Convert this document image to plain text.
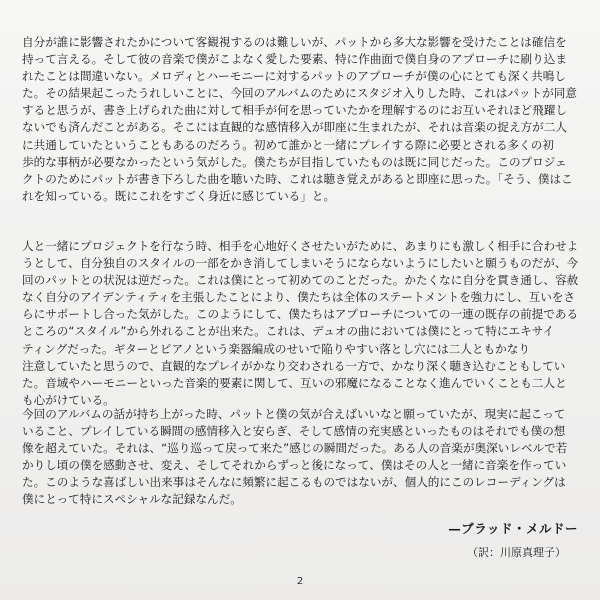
自分が誰に影響されたかについて客観視するのは難しいが、パットから多大な影響を受けたことは確信を
持って言える。そして彼の音楽で僕がこよなく愛した要素、特に作曲面で僕自身のアプローチに刷り込ま
れたことは間違いない。メロディとハーモニーに対するパットのアプローチが僕の心にとても深く共鳴し
た。その結果起こったうれしいことに、今回のアルバムのためにスタジオ入りした時、これはパットが同意
すると思うが、書き上げられた曲に対して相手が何を思っていたかを理解するのにお互いそれほど飛躍し
ないでも済んだことがある。そこには直観的な感情移入が即座に生まれたが、それは音楽の捉え方が二人
に共通していたということもあるのだろう。初めて誰かと一緒にプレイする際に必要とされる多くの初
歩的な事柄が必要なかったという気がした。僕たちが目指していたものは既に同じだった。このプロジェ
クトのためにパットが書き下ろした曲を聴いた時、これは聴き覚えがあると即座に思った。「そう、僕はこ
れを知っている。既にこれをすごく身近に感じている」と。
人と一緒にプロジェクトを行なう時、相手を心地好くさせたいがために、あまりにも激しく相手に合わせよ
うとして、自分独自のスタイルの一部をかき消してしまいそうにならないようにしたいと願うものだが、今
回のパットとの状況は逆だった。これは僕にとって初めてのことだった。かたくなに自分を貫き通し、容赦
なく自分のアイデンティティを主張したことにより、僕たちは全体のステートメントを強力にし、互いをさ
らにサポートし合った気がした。このようにして、僕たちはアプローチについての一連の既存の前提である
ところの“スタイル”から外れることが出来た。これは、デュオの曲においては僕にとって特にエキサイ
ティングだった。ギターとピアノという楽器編成のせいで陥りやすい落とし穴には二人ともかなり
注意していたと思うので、直観的なプレイがかなり交わされる一方で、かなり深く聴き込むこともしてい
た。音域やハーモニーといった音楽的要素に関して、互いの邪魔になることなく進んでいくことも二人と
も心がけている。
今回のアルバムの話が持ち上がった時、パットと僕の気が合えばいいなと願っていたが、現実に起こって
いること、プレイしている瞬間の感情移入と安らぎ、そして感情の充実感といったものはそれでも僕の想
像を超えていた。それは、“巡り巡って戻って来た”感じの瞬間だった。ある人の音楽が奥深いレベルで若
かりし頃の僕を感動させ、変え、そしてそれからずっと後になって、僕はその人と一緒に音楽を作ってい
た。このような喜ばしい出来事はそんなに頻繁に起こるものではないが、個人的にこのレコーディングは
僕にとって特にスペシャルな記録なんだ。
—ブラッド・メルドー
（訳：川原真理子）
2
